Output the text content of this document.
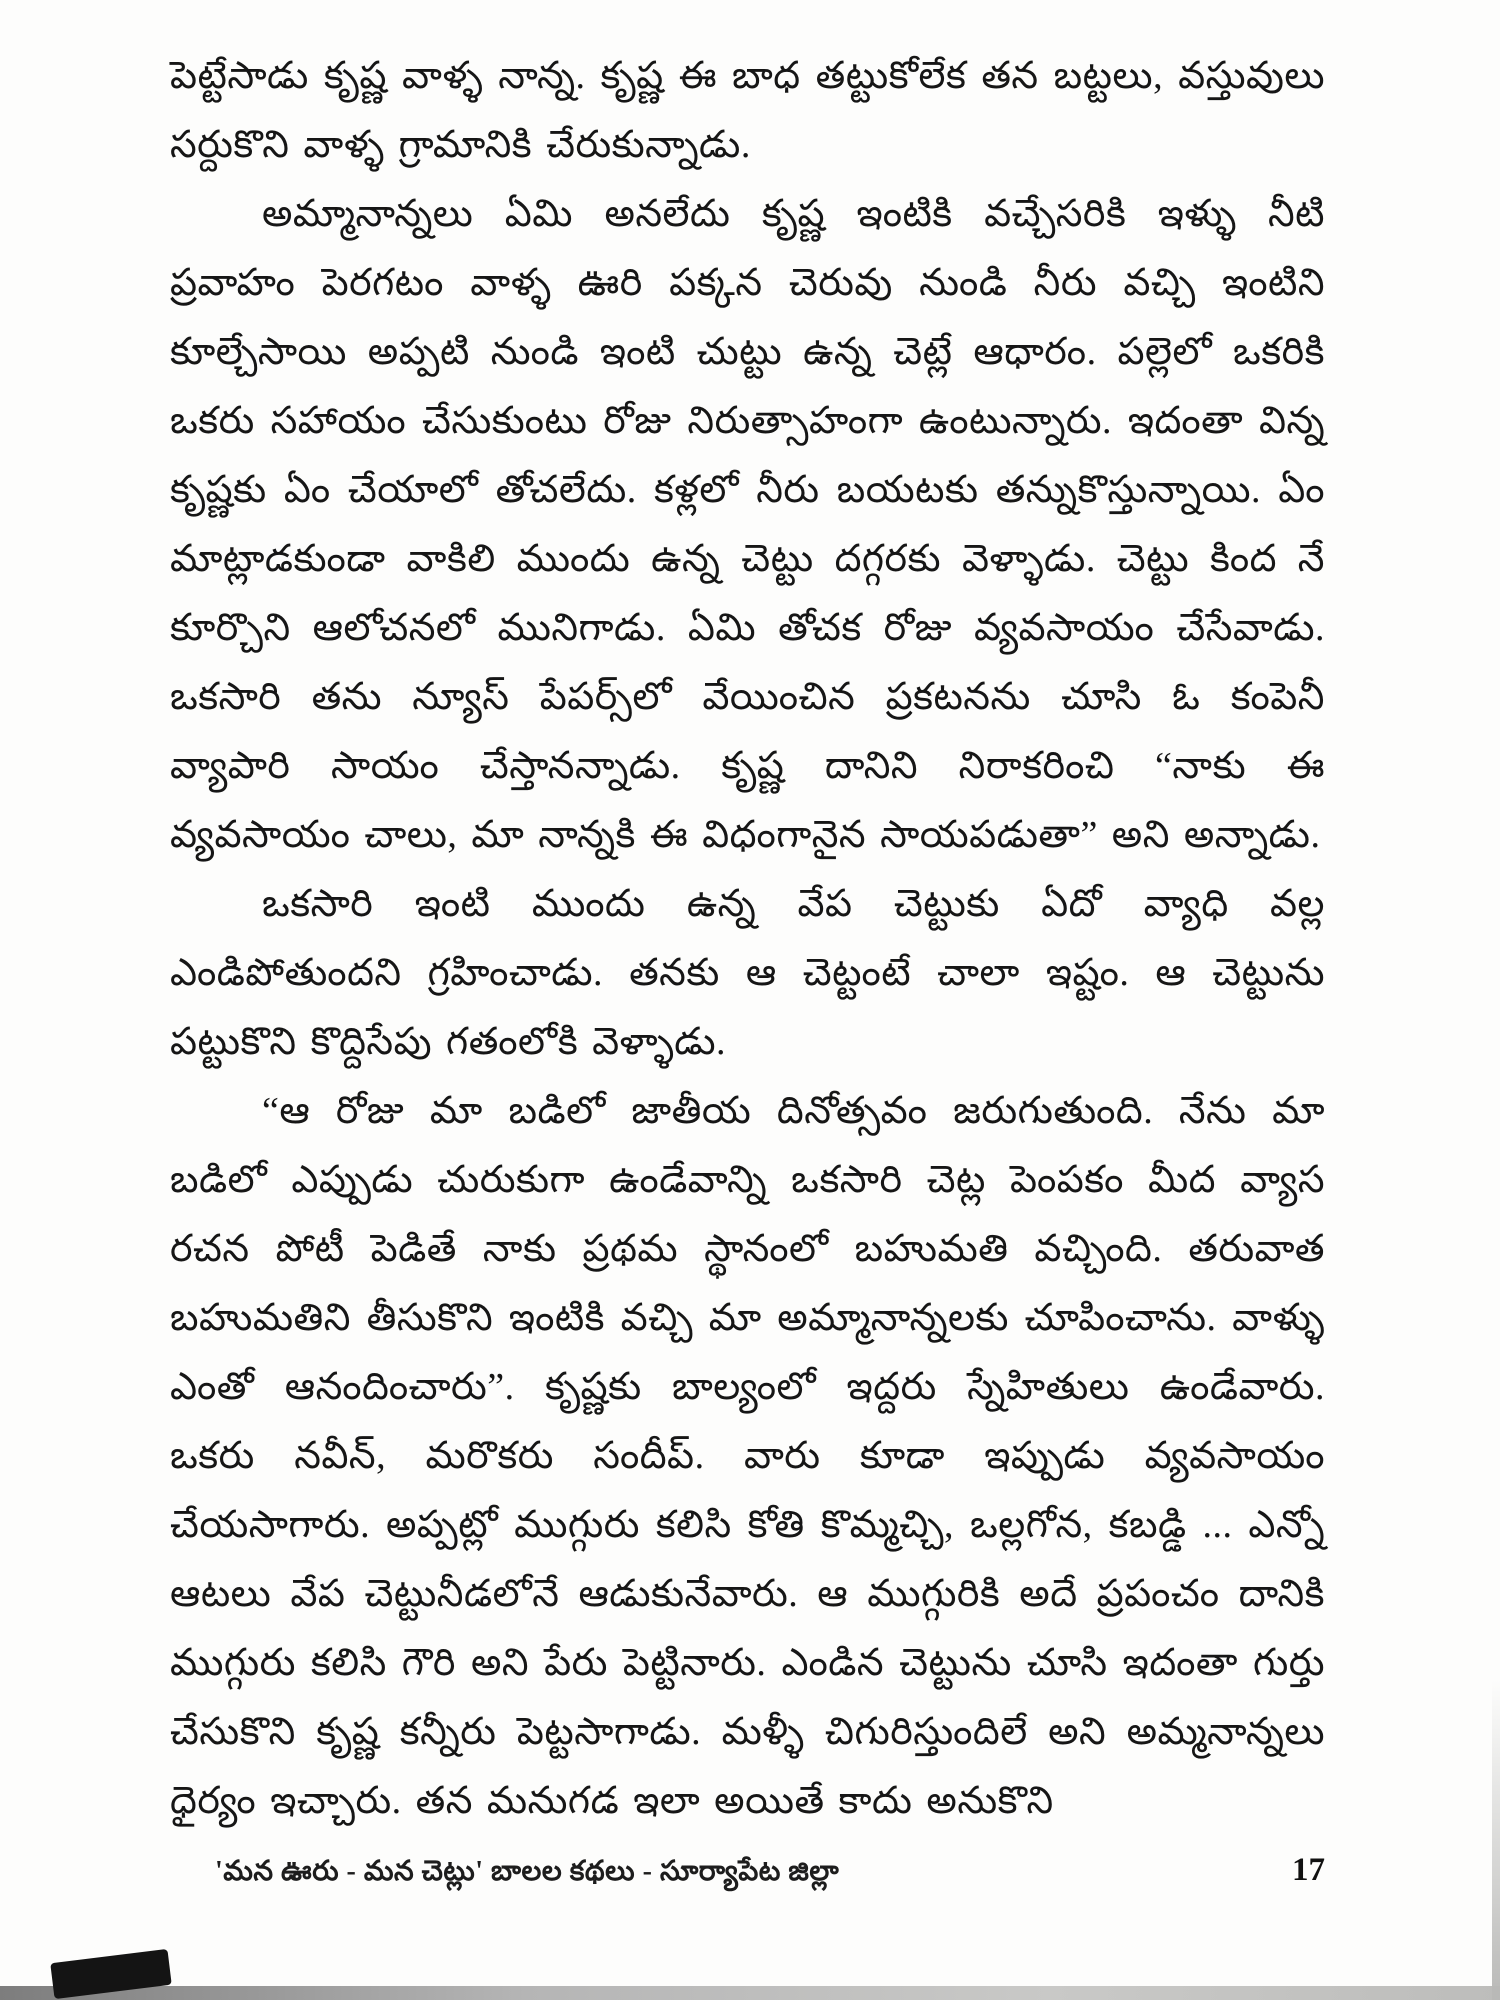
పెట్టేసాడు కృష్ణ వాళ్ళ నాన్న. కృష్ణ ఈ బాధ తట్టుకోలేక తన బట్టలు, వస్తువులు సర్దుకొని వాళ్ళ గ్రామానికి చేరుకున్నాడు.

అమ్మానాన్నలు ఏమి అనలేదు కృష్ణ ఇంటికి వచ్చేసరికి ఇళ్ళు నీటి ప్రవాహం పెరగటం వాళ్ళ ఊరి పక్కన చెరువు నుండి నీరు వచ్చి ఇంటిని కూల్చేసాయి అప్పటి నుండి ఇంటి చుట్టు ఉన్న చెట్లే ఆధారం. పల్లెలో ఒకరికి ఒకరు సహాయం చేసుకుంటు రోజు నిరుత్సాహంగా ఉంటున్నారు. ఇదంతా విన్న కృష్ణకు ఏం చేయాలో తోచలేదు. కళ్లలో నీరు బయటకు తన్నుకొస్తున్నాయి. ఏం మాట్లాడకుండా వాకిలి ముందు ఉన్న చెట్టు దగ్గరకు వెళ్ళాడు. చెట్టు కింద నే కూర్చొని ఆలోచనలో మునిగాడు. ఏమి తోచక రోజు వ్యవసాయం చేసేవాడు. ఒకసారి తను న్యూస్ పేపర్స్‌లో వేయించిన ప్రకటనను చూసి ఓ కంపెనీ వ్యాపారి సాయం చేస్తానన్నాడు. కృష్ణ దానిని నిరాకరించి “నాకు ఈ వ్యవసాయం చాలు, మా నాన్నకి ఈ విధంగానైన సాయపడుతా” అని అన్నాడు.

ఒకసారి ఇంటి ముందు ఉన్న వేప చెట్టుకు ఏదో వ్యాధి వల్ల ఎండిపోతుందని గ్రహించాడు. తనకు ఆ చెట్టంటే చాలా ఇష్టం. ఆ చెట్టును పట్టుకొని కొద్దిసేపు గతంలోకి వెళ్ళాడు.

“ఆ రోజు మా బడిలో జాతీయ దినోత్సవం జరుగుతుంది. నేను మా బడిలో ఎప్పుడు చురుకుగా ఉండేవాన్ని ఒకసారి చెట్ల పెంపకం మీద వ్యాస రచన పోటీ పెడితే నాకు ప్రథమ స్థానంలో బహుమతి వచ్చింది. తరువాత బహుమతిని తీసుకొని ఇంటికి వచ్చి మా అమ్మానాన్నలకు చూపించాను. వాళ్ళు ఎంతో ఆనందించారు”. కృష్ణకు బాల్యంలో ఇద్దరు స్నేహితులు ఉండేవారు. ఒకరు నవీన్, మరొకరు సందీప్. వారు కూడా ఇప్పుడు వ్యవసాయం చేయసాగారు. అప్పట్లో ముగ్గురు కలిసి కోతి కొమ్మచ్చి, ఒల్లగోన, కబడ్డి ... ఎన్నో ఆటలు వేప చెట్టునీడలోనే ఆడుకునేవారు. ఆ ముగ్గురికి అదే ప్రపంచం దానికి ముగ్గురు కలిసి గౌరి అని పేరు పెట్టినారు. ఎండిన చెట్టును చూసి ఇదంతా గుర్తు చేసుకొని కృష్ణ కన్నీరు పెట్టసాగాడు. మళ్ళీ చిగురిస్తుందిలే అని అమ్మనాన్నలు ధైర్యం ఇచ్చారు. తన మనుగడ ఇలా అయితే కాదు అనుకొని

'మన ఊరు - మన చెట్లు' బాలల కథలు - సూర్యాపేట జిల్లా	17
